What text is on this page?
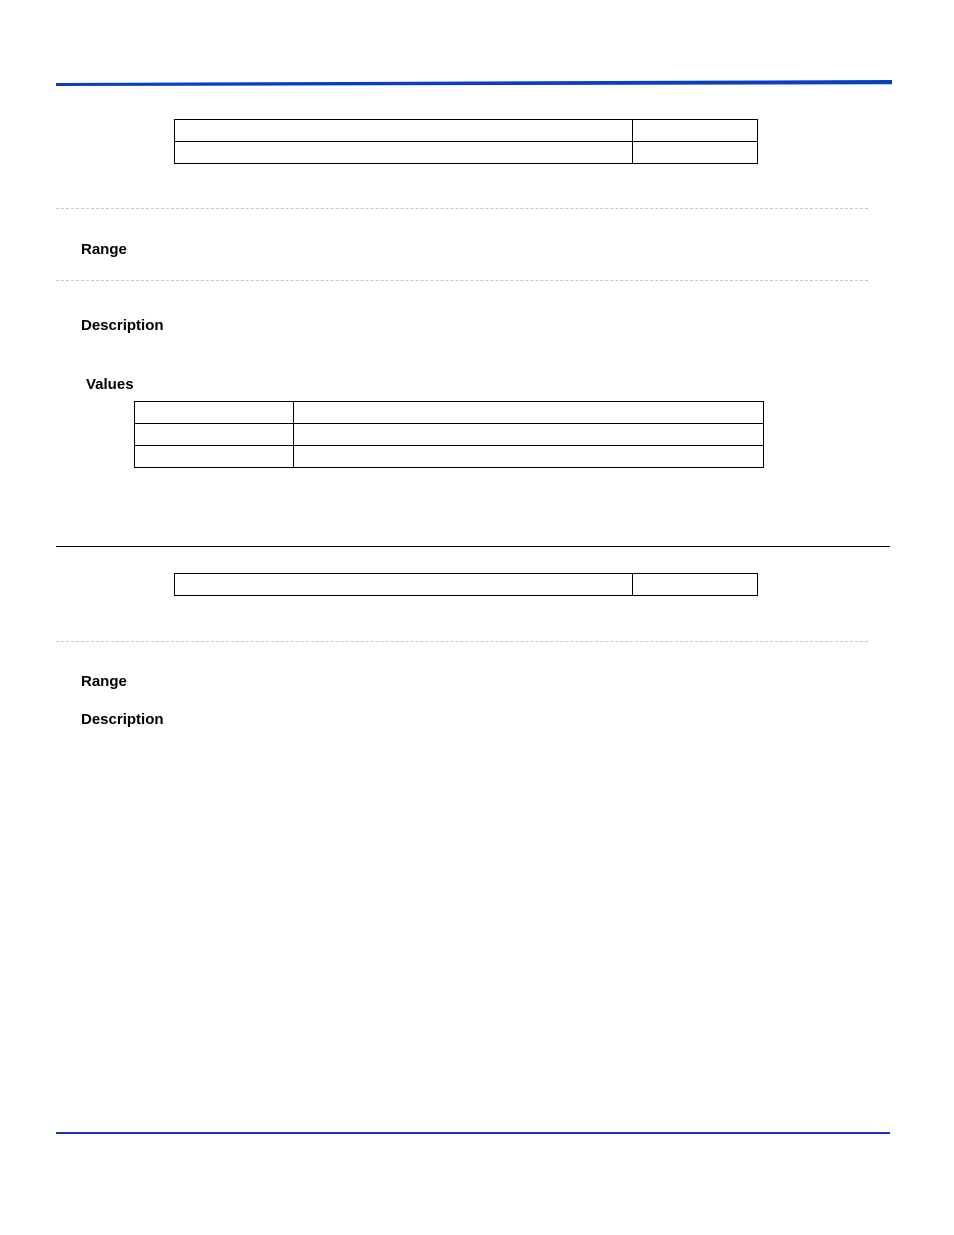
Range
Description
Values

Range
Description
